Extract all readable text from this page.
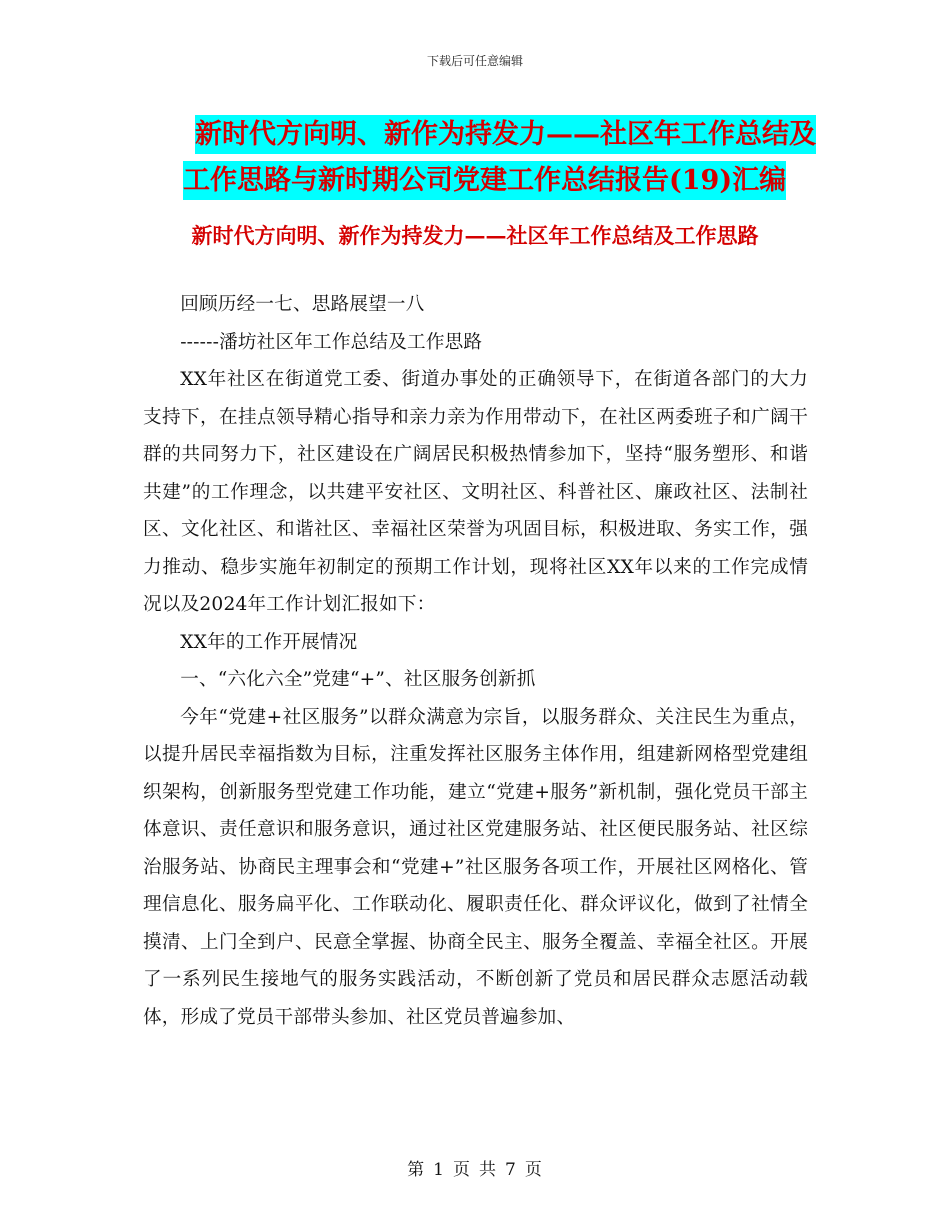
下载后可任意编辑
新时代方向明、新作为持发力——社区年工作总结及
工作思路与新时期公司党建工作总结报告(19)汇编
新时代方向明、新作为持发力——社区年工作总结及工作思路

回顾历经一七、思路展望一八

------潘坊社区年工作总结及工作思路

XX年社区在街道党工委、街道办事处的正确领导下，在街道各部门的大力支持下，在挂点领导精心指导和亲力亲为作用带动下，在社区两委班子和广阔干群的共同努力下，社区建设在广阔居民积极热情参加下，坚持“服务塑形、和谐共建”的工作理念，以共建平安社区、文明社区、科普社区、廉政社区、法制社区、文化社区、和谐社区、幸福社区荣誉为巩固目标，积极进取、务实工作，强力推动、稳步实施年初制定的预期工作计划，现将社区XX年以来的工作完成情况以及2024年工作计划汇报如下：

XX年的工作开展情况

一、“六化六全”党建“+”、社区服务创新抓

今年“党建+社区服务”以群众满意为宗旨，以服务群众、关注民生为重点，以提升居民幸福指数为目标，注重发挥社区服务主体作用，组建新网格型党建组织架构，创新服务型党建工作功能，建立“党建+服务”新机制，强化党员干部主体意识、责任意识和服务意识，通过社区党建服务站、社区便民服务站、社区综治服务站、协商民主理事会和“党建+”社区服务各项工作，开展社区网格化、管理信息化、服务扁平化、工作联动化、履职责任化、群众评议化，做到了社情全摸清、上门全到户、民意全掌握、协商全民主、服务全覆盖、幸福全社区。开展了一系列民生接地气的服务实践活动，不断创新了党员和居民群众志愿活动载体，形成了党员干部带头参加、社区党员普遍参加、

第 1 页 共 7 页
